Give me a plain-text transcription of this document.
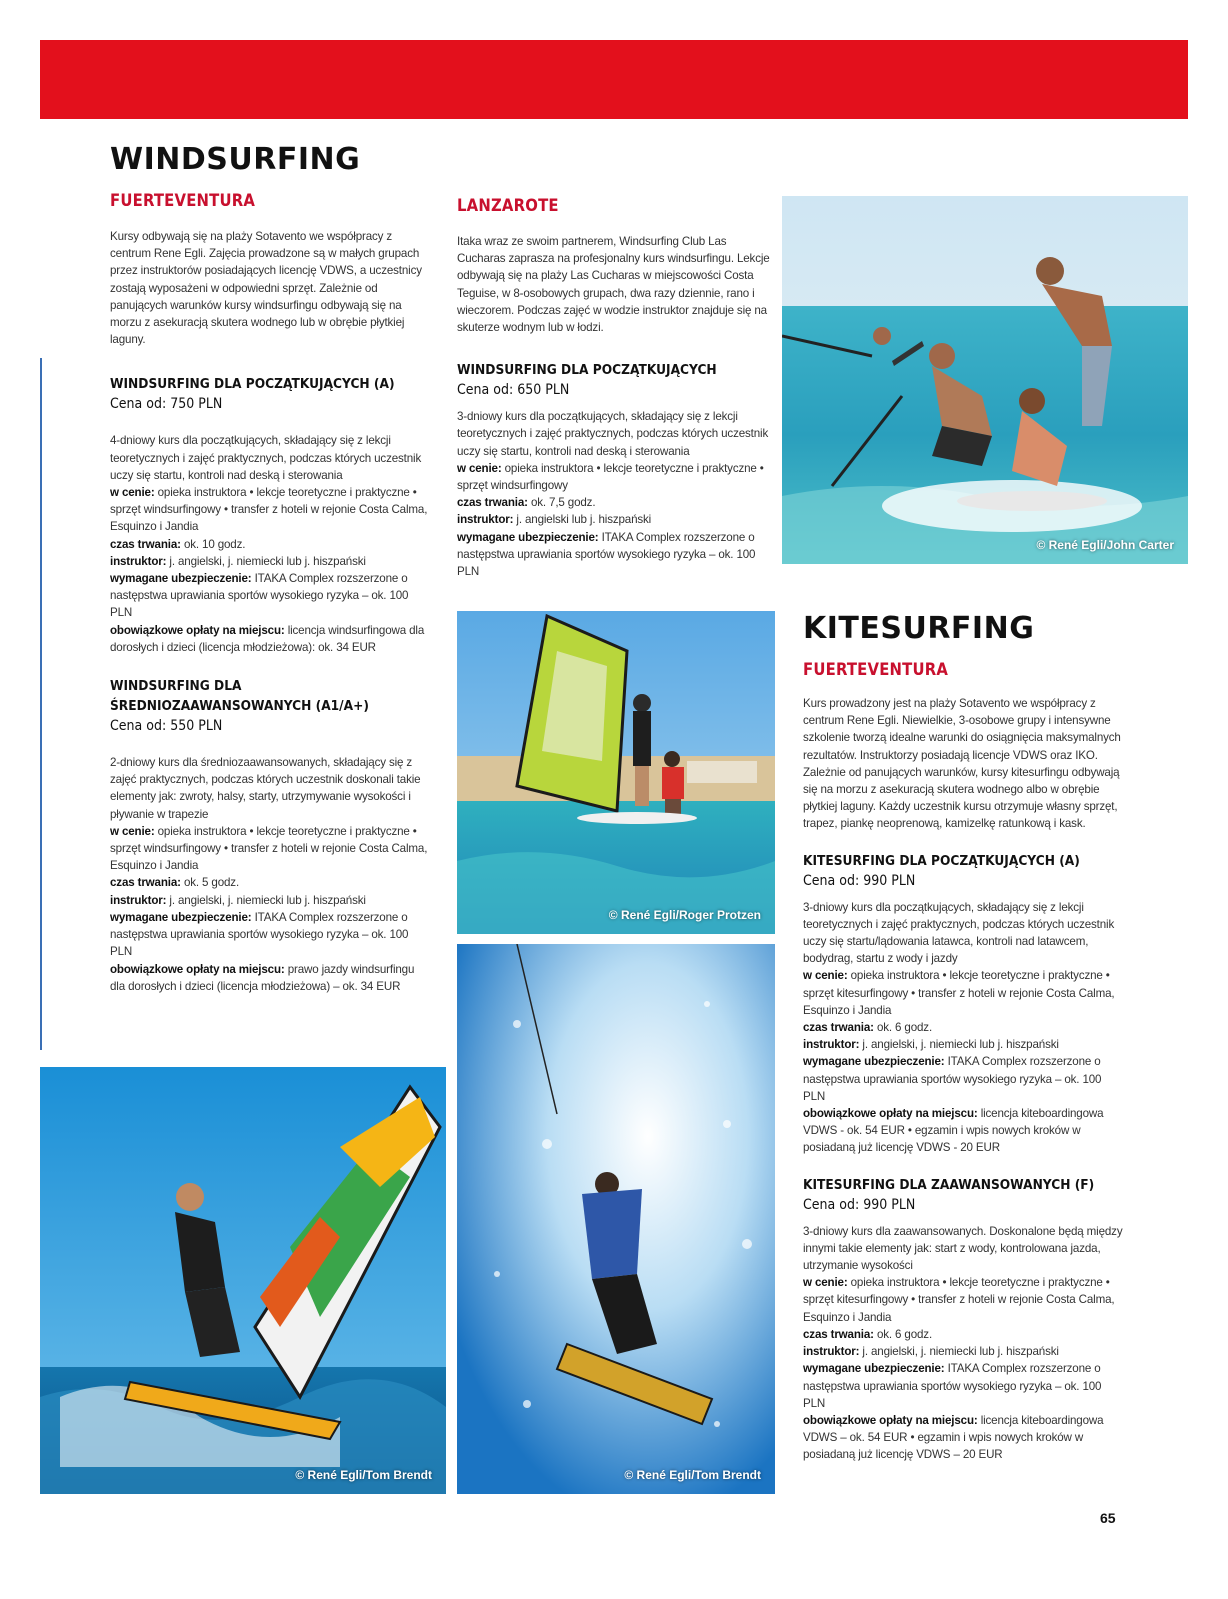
WINDSURFING
FUERTEVENTURA

Kursy odbywają się na plaży Sotavento we współpracy z centrum Rene Egli. Zajęcia prowadzone są w małych grupach przez instruktorów posiadających licencję VDWS, a uczestnicy zostają wyposażeni w odpowiedni sprzęt. Zależnie od panujących warunków kursy windsurfingu odbywają się na morzu z asekuracją skutera wodnego lub w obrębie płytkiej laguny.

WINDSURFING DLA POCZĄTKUJĄCYCH (A)

Cena od: 750 PLN

4-dniowy kurs dla początkujących, składający się z lekcji teoretycznych i zajęć praktycznych, podczas których uczestnik uczy się startu, kontroli nad deską i sterowania

w cenie: opieka instruktora • lekcje teoretyczne i praktyczne • sprzęt windsurfingowy • transfer z hoteli w rejonie Costa Calma, Esquinzo i Jandia

czas trwania: ok. 10 godz.

instruktor: j. angielski, j. niemiecki lub j. hiszpański

wymagane ubezpieczenie: ITAKA Complex rozszerzone o następstwa uprawiania sportów wysokiego ryzyka – ok. 100 PLN

obowiązkowe opłaty na miejscu: licencja windsurfingowa dla dorosłych i dzieci (licencja młodzieżowa): ok. 34 EUR

WINDSURFING DLA
ŚREDNIOZAAWANSOWANYCH (A1/A+)

Cena od: 550 PLN

2-dniowy kurs dla średniozaawansowanych, składający się z zajęć praktycznych, podczas których uczestnik doskonali takie elementy jak: zwroty, halsy, starty, utrzymywanie wysokości i pływanie w trapezie

w cenie: opieka instruktora • lekcje teoretyczne i praktyczne • sprzęt windsurfingowy • transfer z hoteli w rejonie Costa Calma, Esquinzo i Jandia

czas trwania: ok. 5 godz.

instruktor: j. angielski, j. niemiecki lub j. hiszpański

wymagane ubezpieczenie: ITAKA Complex rozszerzone o następstwa uprawiania sportów wysokiego ryzyka – ok. 100 PLN

obowiązkowe opłaty na miejscu: prawo jazdy windsurfingu dla dorosłych i dzieci (licencja młodzieżowa) – ok. 34 EUR

LANZAROTE

Itaka wraz ze swoim partnerem, Windsurfing Club Las Cucharas zaprasza na profesjonalny kurs windsurfingu. Lekcje odbywają się na plaży Las Cucharas w miejscowości Costa Teguise, w 8-osobowych grupach, dwa razy dziennie, rano i wieczorem. Podczas zajęć w wodzie instruktor znajduje się na skuterze wodnym lub w łodzi.

WINDSURFING DLA POCZĄTKUJĄCYCH

Cena od: 650 PLN

3-dniowy kurs dla początkujących, składający się z lekcji teoretycznych i zajęć praktycznych, podczas których uczestnik uczy się startu, kontroli nad deską i sterowania

w cenie: opieka instruktora • lekcje teoretyczne i praktyczne • sprzęt windsurfingowy

czas trwania: ok. 7,5 godz.

instruktor: j. angielski lub j. hiszpański

wymagane ubezpieczenie: ITAKA Complex rozszerzone o następstwa uprawiania sportów wysokiego ryzyka – ok. 100 PLN

KITESURFING
FUERTEVENTURA

Kurs prowadzony jest na plaży Sotavento we współpracy z centrum Rene Egli. Niewielkie, 3-osobowe grupy i intensywne szkolenie tworzą idealne warunki do osiągnięcia maksymalnych rezultatów. Instruktorzy posiadają licencje VDWS oraz IKO. Zależnie od panujących warunków, kursy kitesurfingu odbywają się na morzu z asekuracją skutera wodnego albo w obrębie płytkiej laguny. Każdy uczestnik kursu otrzymuje własny sprzęt, trapez, piankę neoprenową, kamizelkę ratunkową i kask.

KITESURFING DLA POCZĄTKUJĄCYCH (A)

Cena od: 990 PLN

3-dniowy kurs dla początkujących, składający się z lekcji teoretycznych i zajęć praktycznych, podczas których uczestnik uczy się startu/lądowania latawca, kontroli nad latawcem, bodydrag, startu z wody i jazdy

w cenie: opieka instruktora • lekcje teoretyczne i praktyczne • sprzęt kitesurfingowy • transfer z hoteli w rejonie Costa Calma, Esquinzo i Jandia

czas trwania: ok. 6 godz.

instruktor: j. angielski, j. niemiecki lub j. hiszpański

wymagane ubezpieczenie: ITAKA Complex rozszerzone o następstwa uprawiania sportów wysokiego ryzyka – ok. 100 PLN

obowiązkowe opłaty na miejscu: licencja kiteboardingowa VDWS - ok. 54 EUR • egzamin i wpis nowych kroków w posiadaną już licencję VDWS - 20 EUR

KITESURFING DLA ZAAWANSOWANYCH (F)

Cena od: 990 PLN

3-dniowy kurs dla zaawansowanych. Doskonalone będą między innymi takie elementy jak: start z wody, kontrolowana jazda, utrzymanie wysokości

w cenie: opieka instruktora • lekcje teoretyczne i praktyczne • sprzęt kitesurfingowy • transfer z hoteli w rejonie Costa Calma, Esquinzo i Jandia

czas trwania: ok. 6 godz.

instruktor: j. angielski, j. niemiecki lub j. hiszpański

wymagane ubezpieczenie: ITAKA Complex rozszerzone o następstwa uprawiania sportów wysokiego ryzyka – ok. 100 PLN

obowiązkowe opłaty na miejscu: licencja kiteboardingowa VDWS – ok. 54 EUR • egzamin i wpis nowych kroków w posiadaną już licencję VDWS – 20 EUR

© René Egli/John Carter
© René Egli/Roger Protzen
© René Egli/Tom Brendt	© René Egli/Tom Brendt
65
